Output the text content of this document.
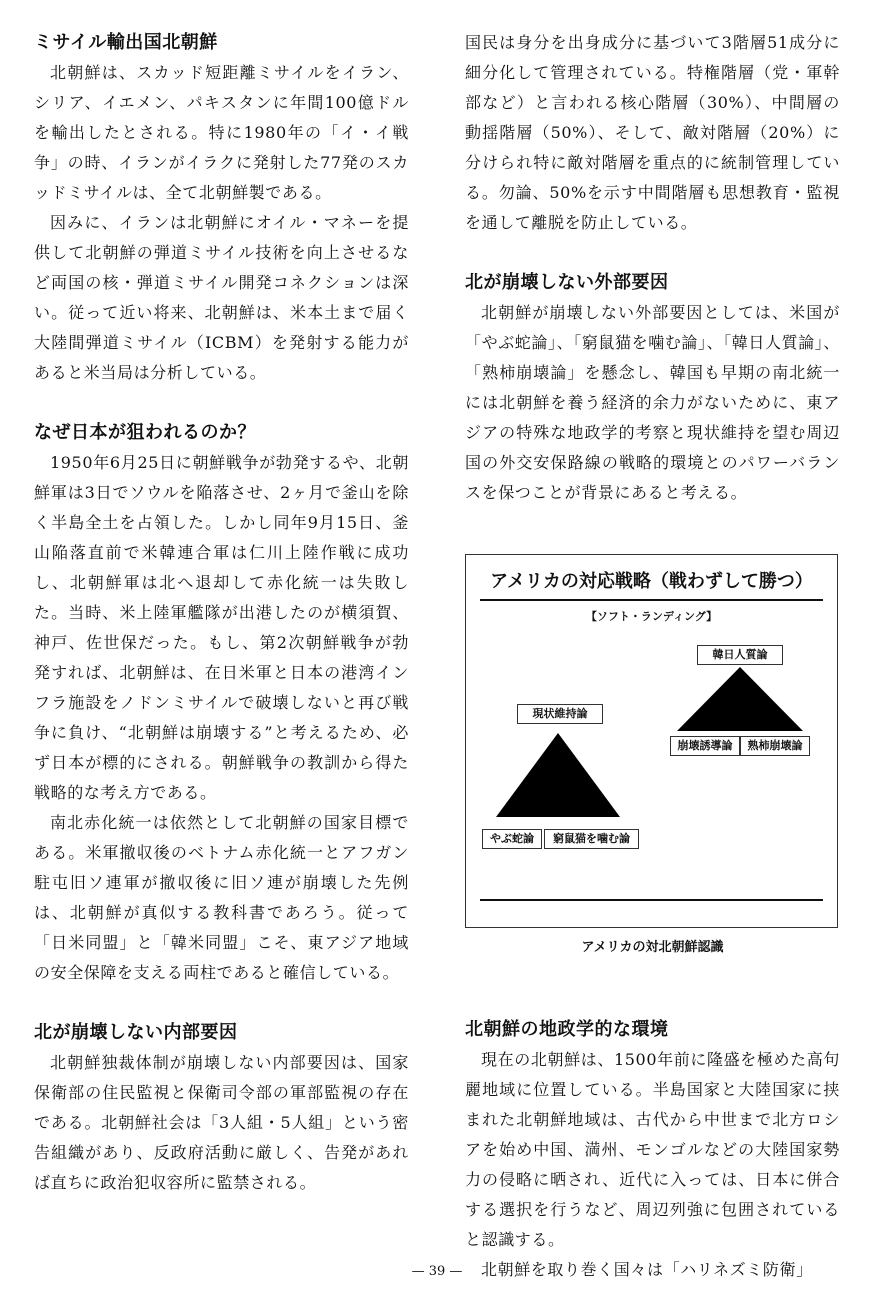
ミサイル輸出国北朝鮮

北朝鮮は、スカッド短距離ミサイルをイラン、シリア、イエメン、パキスタンに年間100億ドルを輸出したとされる。特に1980年の「イ・イ戦争」の時、イランがイラクに発射した77発のスカッドミサイルは、全て北朝鮮製である。

因みに、イランは北朝鮮にオイル・マネーを提供して北朝鮮の弾道ミサイル技術を向上させるなど両国の核・弾道ミサイル開発コネクションは深い。従って近い将来、北朝鮮は、米本土まで届く大陸間弾道ミサイル（ICBM）を発射する能力があると米当局は分析している。

なぜ日本が狙われるのか？

1950年6月25日に朝鮮戦争が勃発するや、北朝鮮軍は3日でソウルを陥落させ、2ヶ月で釜山を除く半島全土を占領した。しかし同年9月15日、釜山陥落直前で米韓連合軍は仁川上陸作戦に成功し、北朝鮮軍は北へ退却して赤化統一は失敗した。当時、米上陸軍艦隊が出港したのが横須賀、神戸、佐世保だった。もし、第2次朝鮮戦争が勃発すれば、北朝鮮は、在日米軍と日本の港湾インフラ施設をノドンミサイルで破壊しないと再び戦争に負け、“北朝鮮は崩壊する”と考えるため、必ず日本が標的にされる。朝鮮戦争の教訓から得た戦略的な考え方である。

南北赤化統一は依然として北朝鮮の国家目標である。米軍撤収後のベトナム赤化統一とアフガン駐屯旧ソ連軍が撤収後に旧ソ連が崩壊した先例は、北朝鮮が真似する教科書であろう。従って「日米同盟」と「韓米同盟」こそ、東アジア地域の安全保障を支える両柱であると確信している。

北が崩壊しない内部要因

北朝鮮独裁体制が崩壊しない内部要因は、国家保衛部の住民監視と保衛司令部の軍部監視の存在である。北朝鮮社会は「3人組・5人組」という密告組織があり、反政府活動に厳しく、告発があれば直ちに政治犯収容所に監禁される。

国民は身分を出身成分に基づいて3階層51成分に細分化して管理されている。特権階層（党・軍幹部など）と言われる核心階層（30%）、中間層の動揺階層（50%）、そして、敵対階層（20%）に分けられ特に敵対階層を重点的に統制管理している。勿論、50%を示す中間階層も思想教育・監視を通して離脱を防止している。

北が崩壊しない外部要因

北朝鮮が崩壊しない外部要因としては、米国が「やぶ蛇論」、「窮鼠猫を噛む論」、「韓日人質論」、「熟柿崩壊論」を懸念し、韓国も早期の南北統一には北朝鮮を養う経済的余力がないために、東アジアの特殊な地政学的考察と現状維持を望む周辺国の外交安保路線の戦略的環境とのパワーバランスを保つことが背景にあると考える。

アメリカの対応戦略（戦わずして勝つ）
【ソフト・ランディング】
韓日人質論
崩壊誘導論	熟柿崩壊論
現状維持論
やぶ蛇論	窮鼠猫を噛む論
アメリカの対北朝鮮認識
北朝鮮の地政学的な環境

現在の北朝鮮は、1500年前に隆盛を極めた高句麗地域に位置している。半島国家と大陸国家に挟まれた北朝鮮地域は、古代から中世まで北方ロシアを始め中国、満州、モンゴルなどの大陸国家勢力の侵略に晒され、近代に入っては、日本に併合する選択を行うなど、周辺列強に包囲されていると認識する。

北朝鮮を取り巻く国々は「ハリネズミ防衛」

— 39 —
